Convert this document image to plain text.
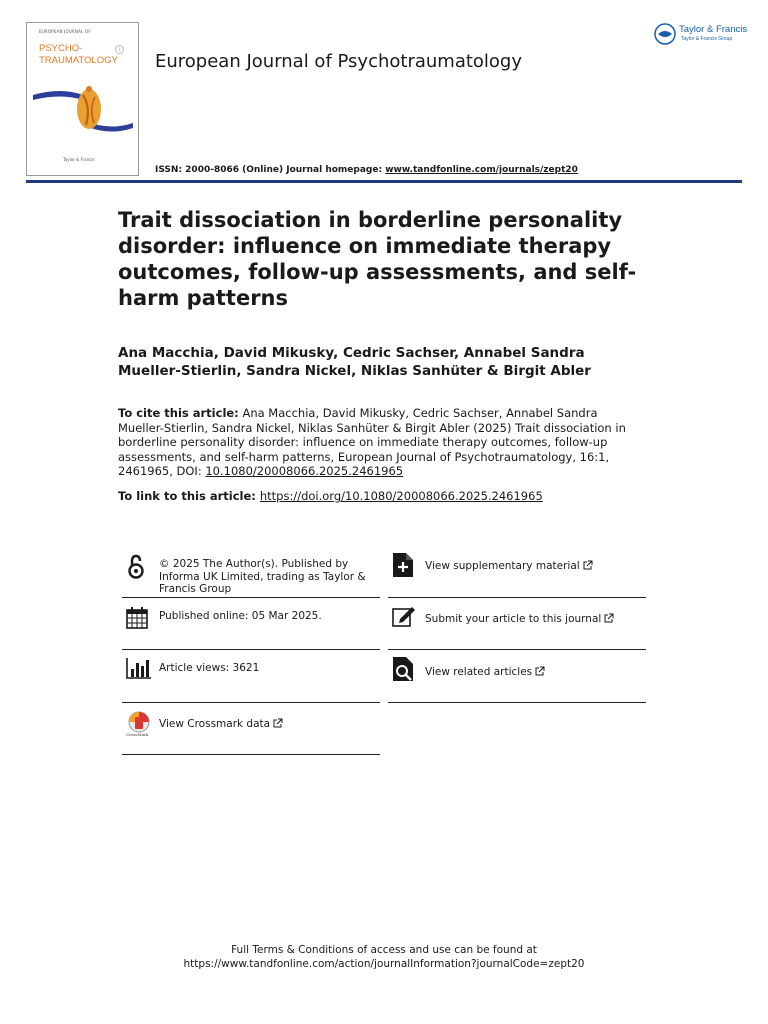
EUROPEAN JOURNAL OF
PSYCHO-
TRAUMATOLOGY
1
Taylor & Francis
European Journal of Psychotraumatology
Taylor & Francis
Taylor & Francis Group
ISSN: 2000-8066 (Online) Journal homepage: www.tandfonline.com/journals/zept20
Trait dissociation in borderline personality disorder: influence on immediate therapy outcomes, follow-up assessments, and self-harm patterns
Ana Macchia, David Mikusky, Cedric Sachser, Annabel Sandra Mueller-Stierlin, Sandra Nickel, Niklas Sanhüter & Birgit Abler
To cite this article: Ana Macchia, David Mikusky, Cedric Sachser, Annabel Sandra Mueller-Stierlin, Sandra Nickel, Niklas Sanhüter & Birgit Abler (2025) Trait dissociation in borderline personality disorder: influence on immediate therapy outcomes, follow-up assessments, and self-harm patterns, European Journal of Psychotraumatology, 16:1, 2461965, DOI: 10.1080/20008066.2025.2461965
To link to this article: https://doi.org/10.1080/20008066.2025.2461965
© 2025 The Author(s). Published by Informa UK Limited, trading as Taylor & Francis Group
Published online: 05 Mar 2025.
Article views: 3621
CrossMark
View Crossmark data
View supplementary material
Submit your article to this journal
View related articles
Full Terms & Conditions of access and use can be found at
https://www.tandfonline.com/action/journalInformation?journalCode=zept20
